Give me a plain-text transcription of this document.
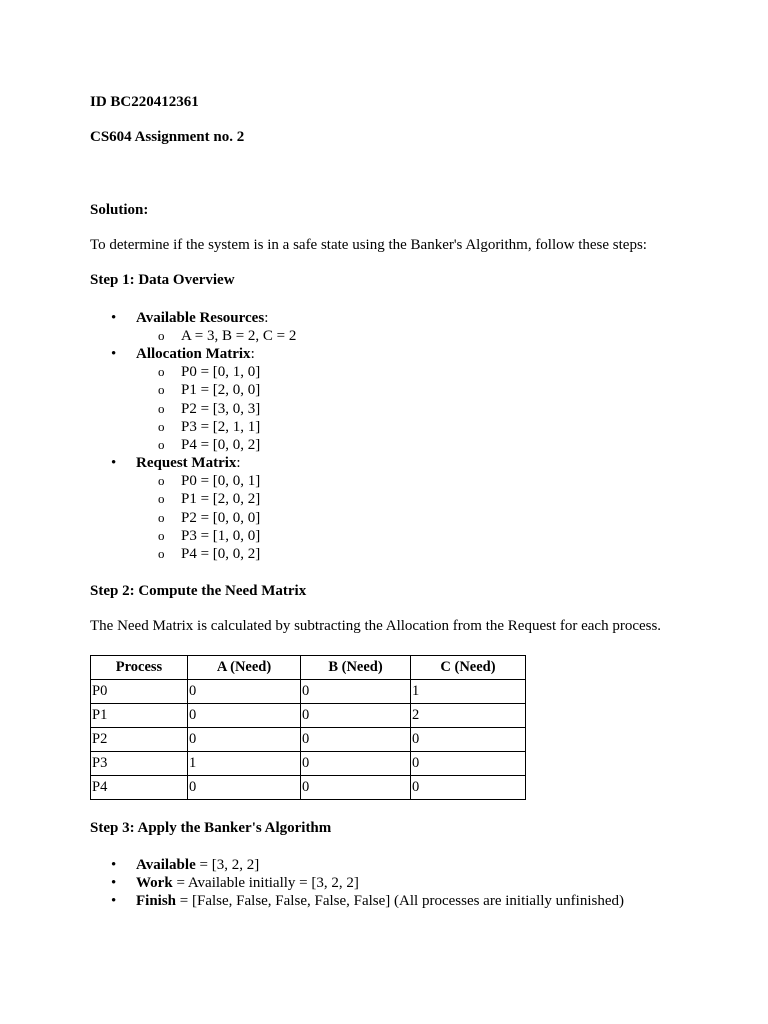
ID BC220412361
CS604 Assignment no. 2
Solution:
To determine if the system is in a safe state using the Banker's Algorithm, follow these steps:
Step 1: Data Overview
• Available Resources:
o A = 3, B = 2, C = 2
• Allocation Matrix:
o P0 = [0, 1, 0]
o P1 = [2, 0, 0]
o P2 = [3, 0, 3]
o P3 = [2, 1, 1]
o P4 = [0, 0, 2]
• Request Matrix:
o P0 = [0, 0, 1]
o P1 = [2, 0, 2]
o P2 = [0, 0, 0]
o P3 = [1, 0, 0]
o P4 = [0, 0, 2]
Step 2: Compute the Need Matrix
The Need Matrix is calculated by subtracting the Allocation from the Request for each process.
Process	A (Need)	B (Need)	C (Need)
P0	0	0	1
P1	0	0	2
P2	0	0	0
P3	1	0	0
P4	0	0	0
Step 3: Apply the Banker's Algorithm
• Available = [3, 2, 2]
• Work = Available initially = [3, 2, 2]
• Finish = [False, False, False, False, False] (All processes are initially unfinished)
